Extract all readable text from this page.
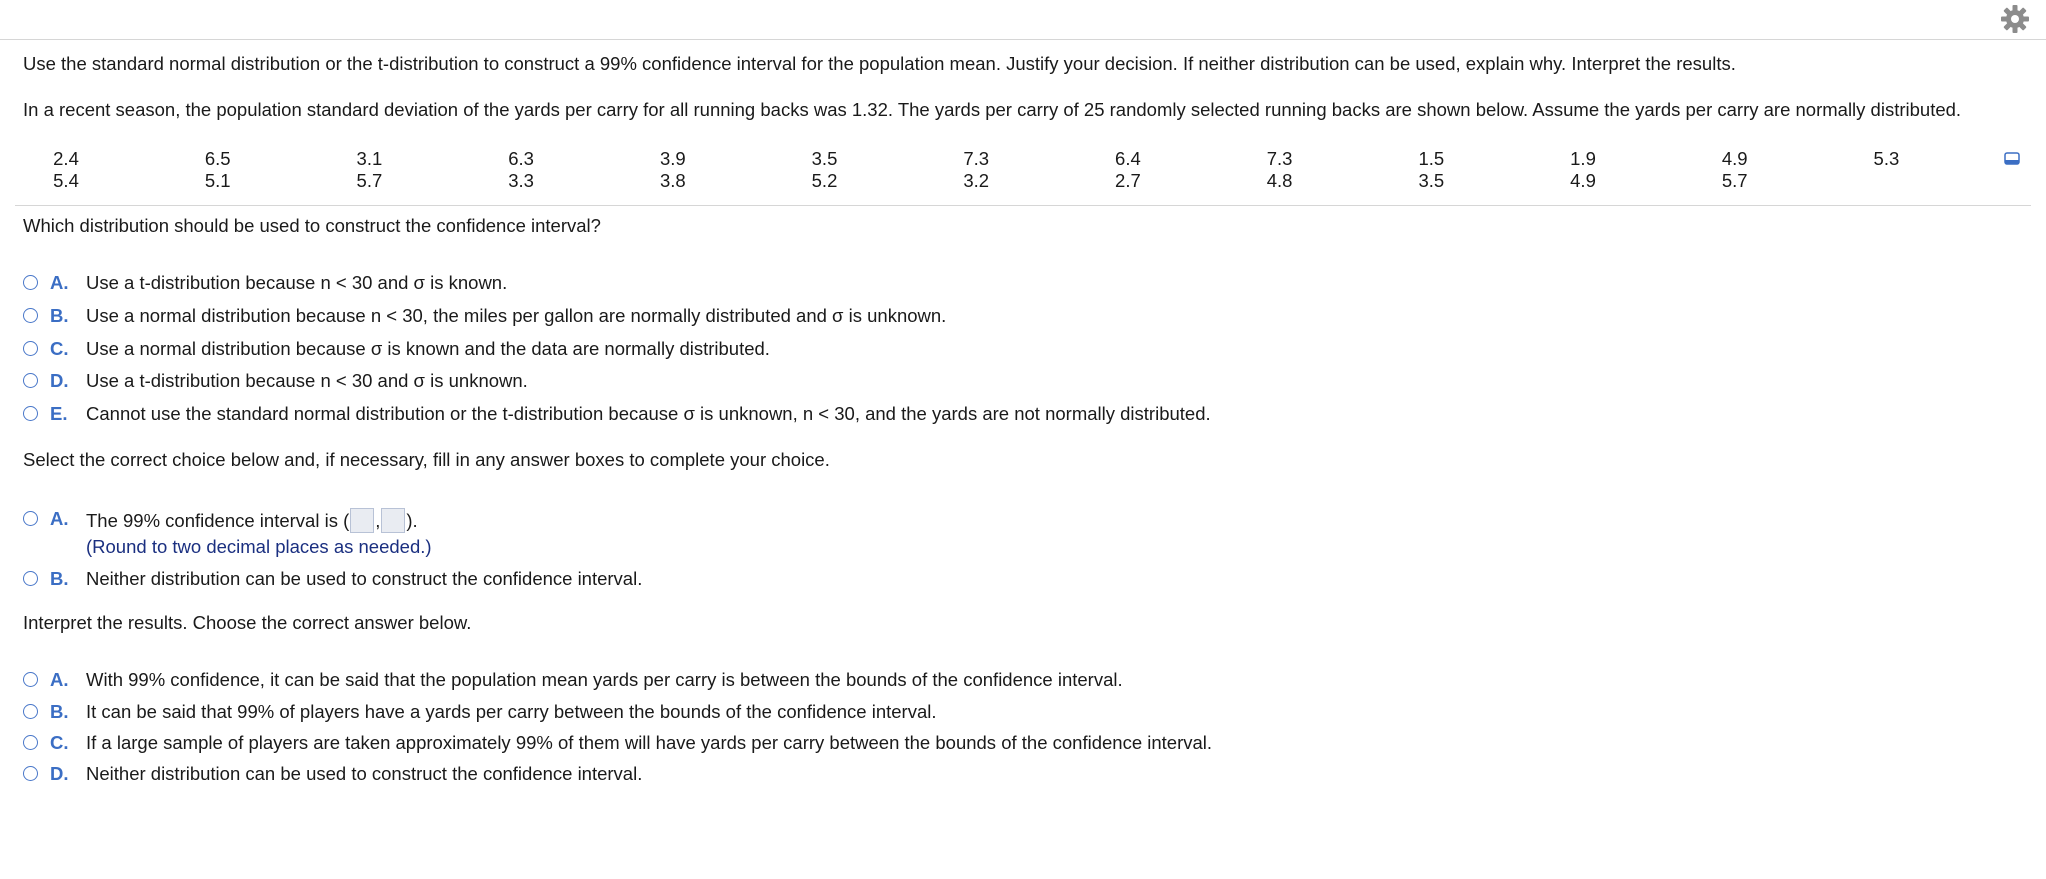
Use the standard normal distribution or the t-distribution to construct a 99% confidence interval for the population mean. Justify your decision. If neither distribution can be used, explain why. Interpret the results.
In a recent season, the population standard deviation of the yards per carry for all running backs was 1.32. The yards per carry of 25 randomly selected running backs are shown below. Assume the yards per carry are normally distributed.
2.4	6.5	3.1	6.3	3.9	3.5	7.3	6.4	7.3	1.5	1.9	4.9	5.3
5.4	5.1	5.7	3.3	3.8	5.2	3.2	2.7	4.8	3.5	4.9	5.7
Which distribution should be used to construct the confidence interval?
A. Use a t-distribution because n < 30 and σ is known.
B. Use a normal distribution because n < 30, the miles per gallon are normally distributed and σ is unknown.
C. Use a normal distribution because σ is known and the data are normally distributed.
D. Use a t-distribution because n < 30 and σ is unknown.
E. Cannot use the standard normal distribution or the t-distribution because σ is unknown, n < 30, and the yards are not normally distributed.
Select the correct choice below and, if necessary, fill in any answer boxes to complete your choice.
A. The 99% confidence interval is ( , ).
(Round to two decimal places as needed.)
B. Neither distribution can be used to construct the confidence interval.
Interpret the results. Choose the correct answer below.
A. With 99% confidence, it can be said that the population mean yards per carry is between the bounds of the confidence interval.
B. It can be said that 99% of players have a yards per carry between the bounds of the confidence interval.
C. If a large sample of players are taken approximately 99% of them will have yards per carry between the bounds of the confidence interval.
D. Neither distribution can be used to construct the confidence interval.
